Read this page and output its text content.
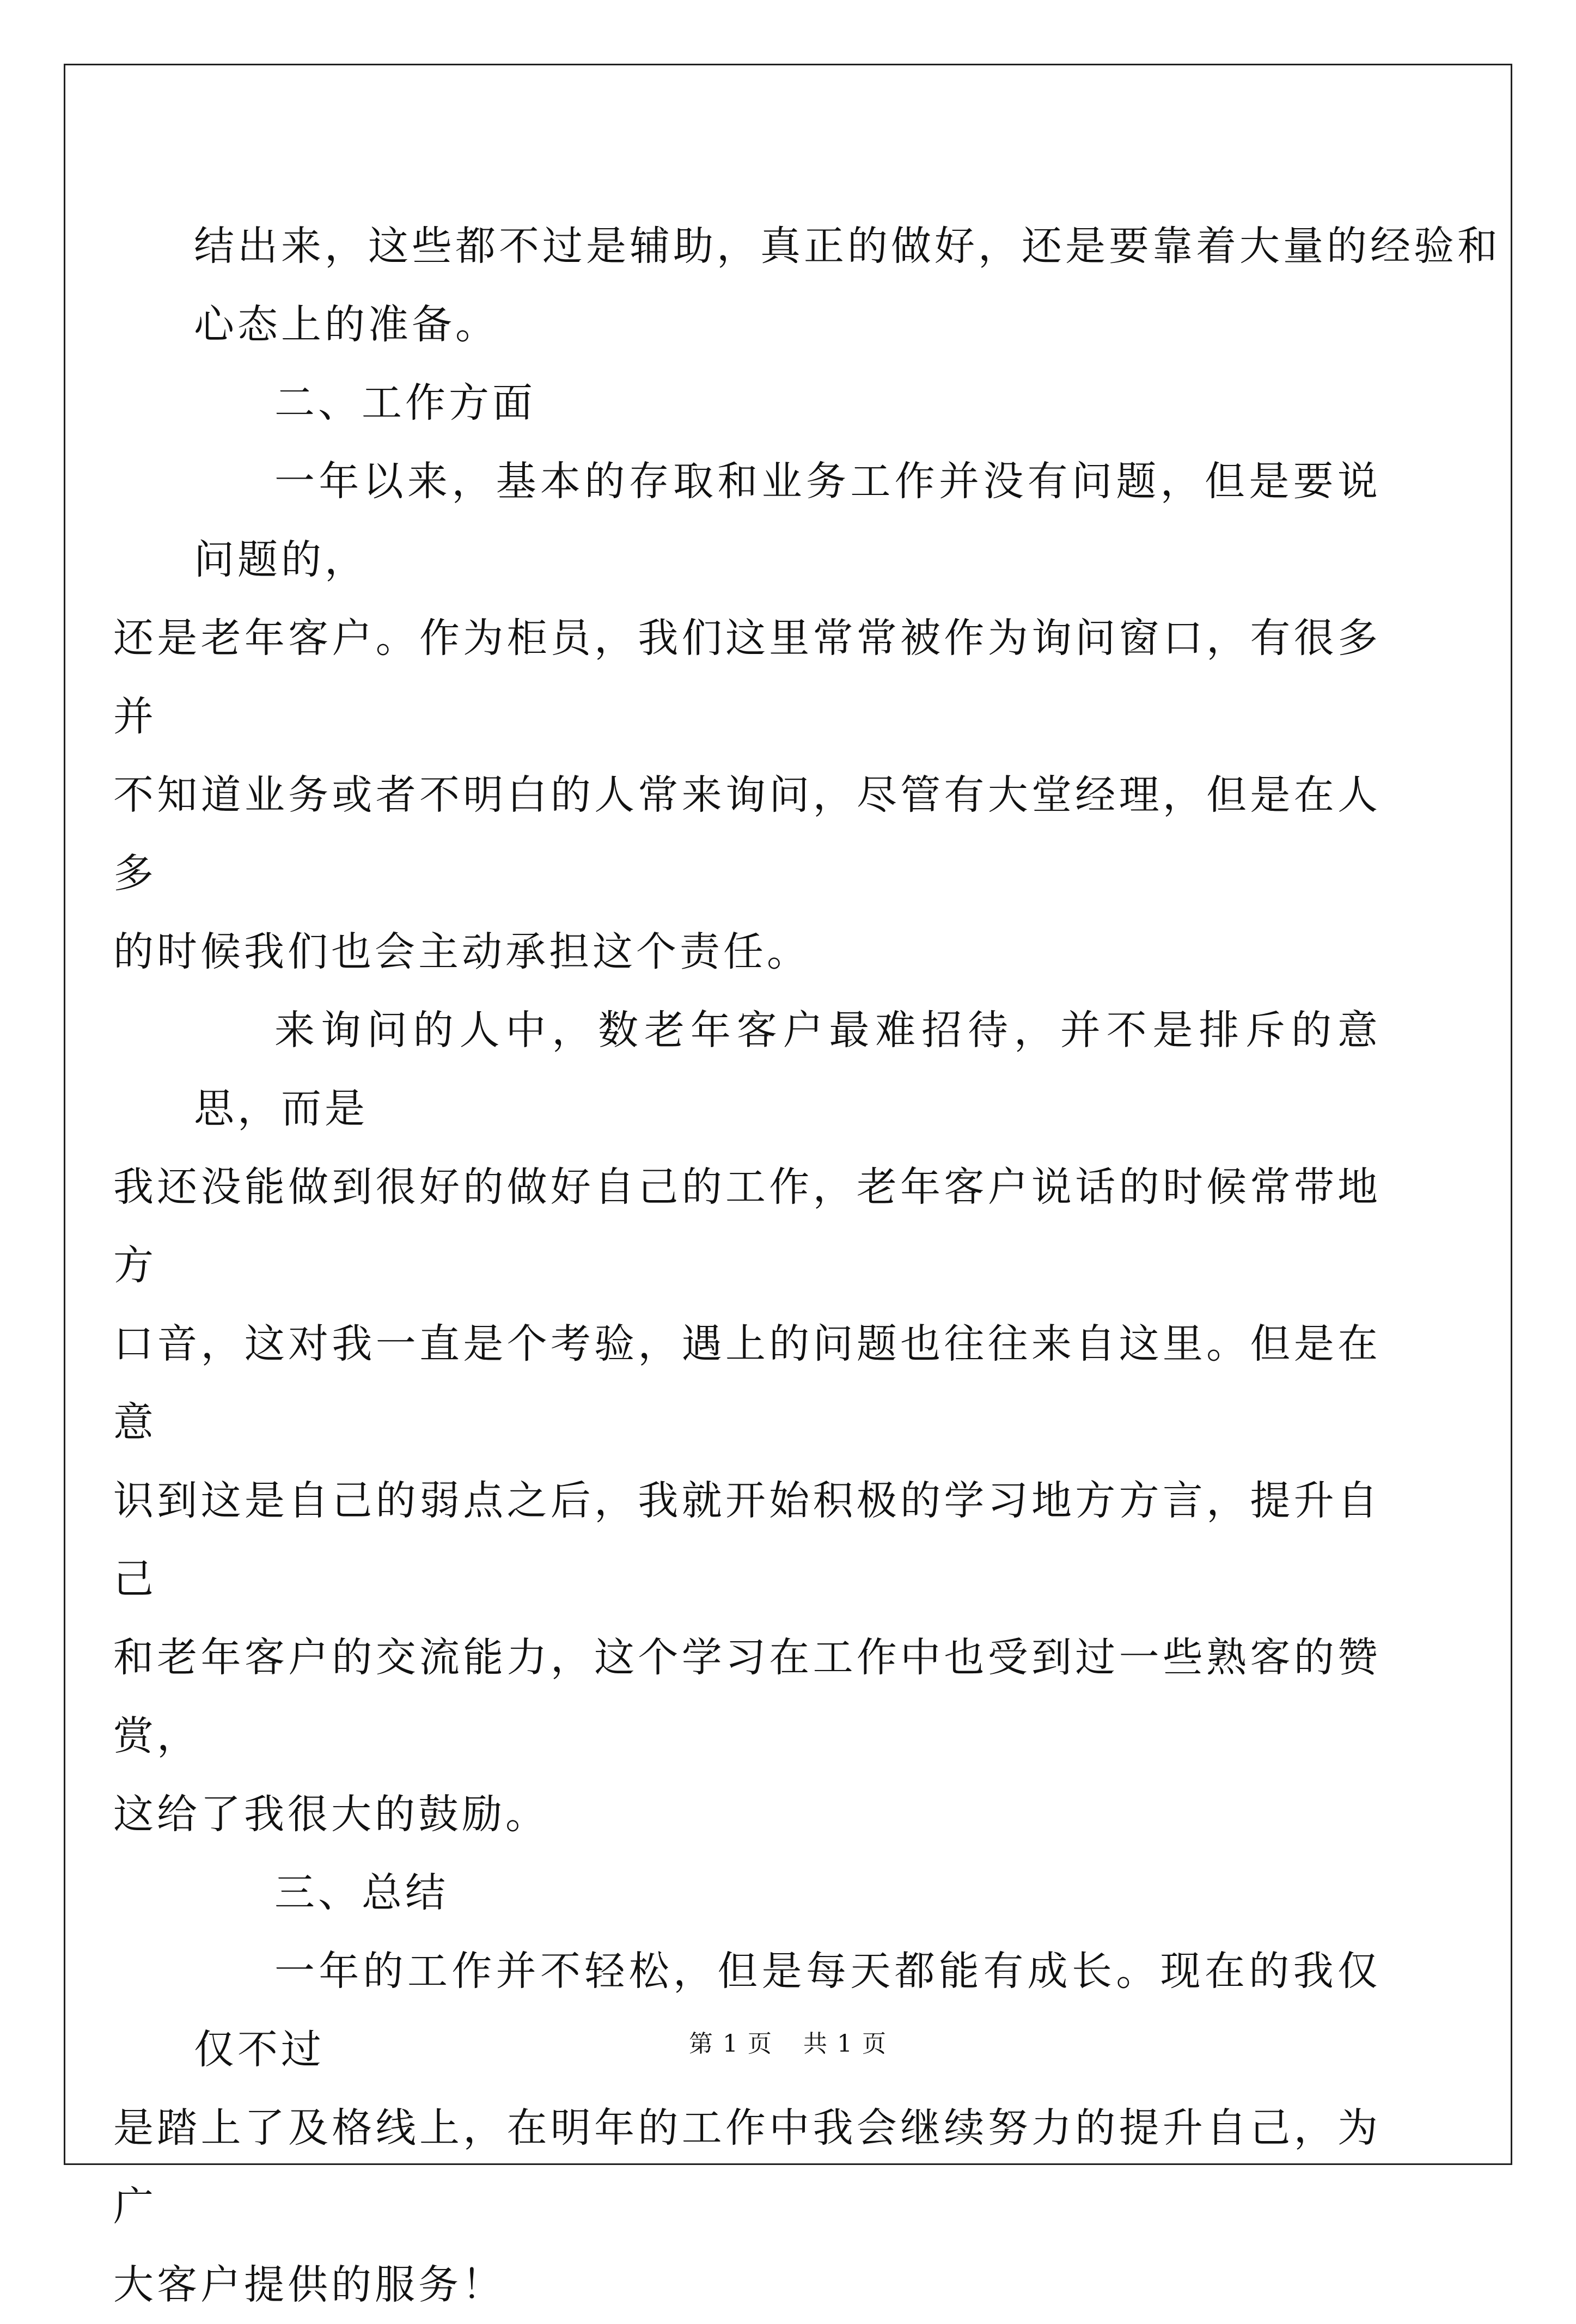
结出来，这些都不过是辅助，真正的做好，还是要靠着大量的经验和
心态上的准备。

二、工作方面

一年以来，基本的存取和业务工作并没有问题，但是要说问题的，
还是老年客户。作为柜员，我们这里常常被作为询问窗口，有很多并
不知道业务或者不明白的人常来询问，尽管有大堂经理，但是在人多
的时候我们也会主动承担这个责任。

来询问的人中，数老年客户最难招待，并不是排斥的意思，而是
我还没能做到很好的做好自己的工作，老年客户说话的时候常带地方
口音，这对我一直是个考验，遇上的问题也往往来自这里。但是在意
识到这是自己的弱点之后，我就开始积极的学习地方方言，提升自己
和老年客户的交流能力，这个学习在工作中也受到过一些熟客的赞赏，
这给了我很大的鼓励。

三、总结

一年的工作并不轻松，但是每天都能有成长。现在的我仅仅不过
是踏上了及格线上，在明年的工作中我会继续努力的提升自己，为广
大客户提供的服务！

第 1 页 共 1 页
